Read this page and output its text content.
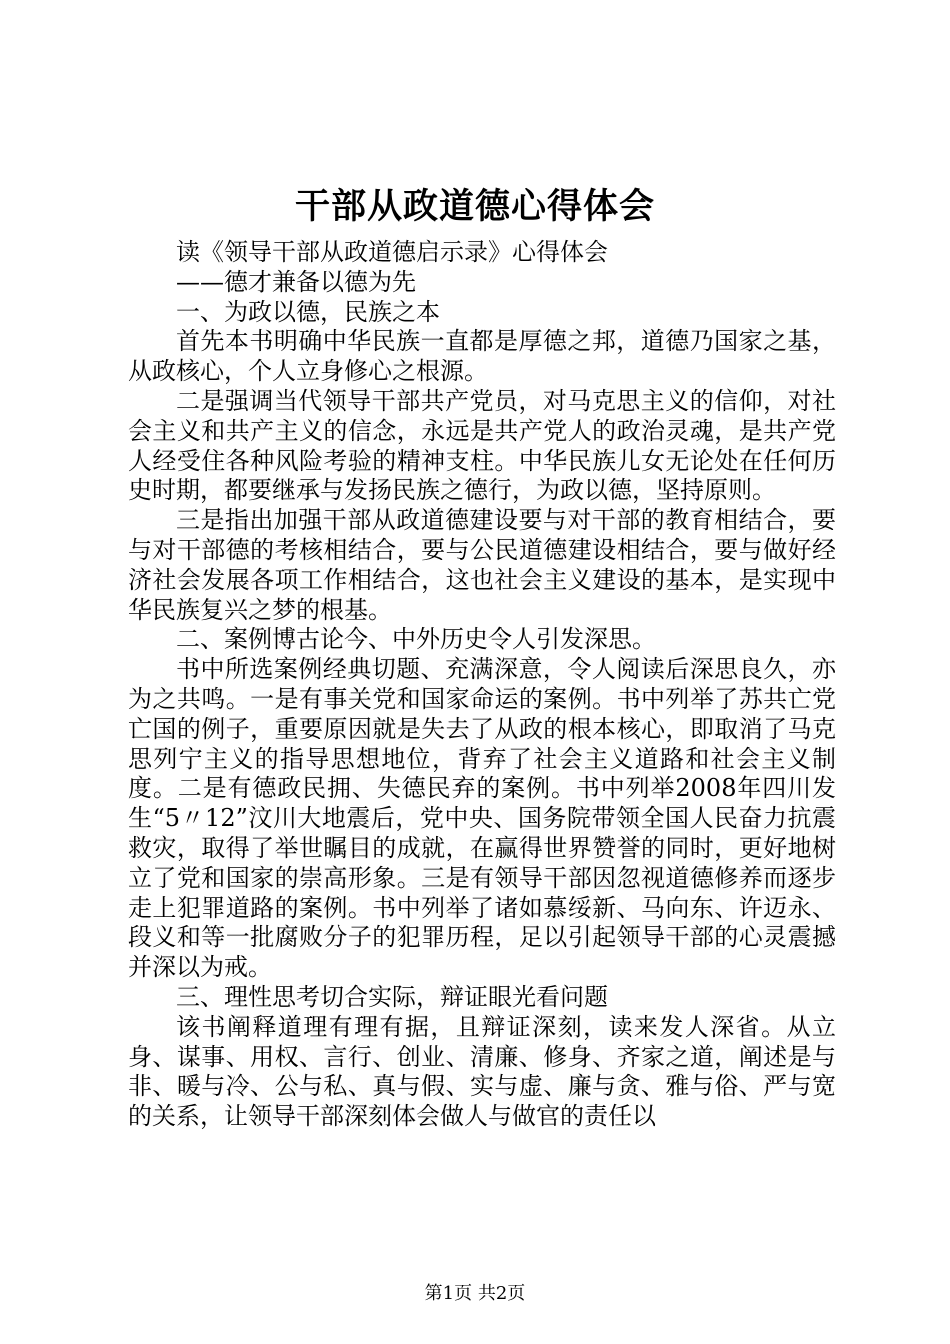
干部从政道德心得体会

读《领导干部从政道德启示录》心得体会

——德才兼备以德为先

一、为政以德，民族之本

首先本书明确中华民族一直都是厚德之邦，道德乃国家之基，从政核心，个人立身修心之根源。

二是强调当代领导干部共产党员，对马克思主义的信仰，对社会主义和共产主义的信念，永远是共产党人的政治灵魂，是共产党人经受住各种风险考验的精神支柱。中华民族儿女无论处在任何历史时期，都要继承与发扬民族之德行，为政以德，坚持原则。

三是指出加强干部从政道德建设要与对干部的教育相结合，要与对干部德的考核相结合，要与公民道德建设相结合，要与做好经济社会发展各项工作相结合，这也社会主义建设的基本，是实现中华民族复兴之梦的根基。

二、案例博古论今、中外历史令人引发深思。

书中所选案例经典切题、充满深意，令人阅读后深思良久，亦为之共鸣。一是有事关党和国家命运的案例。书中列举了苏共亡党亡国的例子，重要原因就是失去了从政的根本核心，即取消了马克思列宁主义的指导思想地位，背弃了社会主义道路和社会主义制度。二是有德政民拥、失德民弃的案例。书中列举2008年四川发生“5〃12”汶川大地震后，党中央、国务院带领全国人民奋力抗震救灾，取得了举世瞩目的成就，在赢得世界赞誉的同时，更好地树立了党和国家的崇高形象。三是有领导干部因忽视道德修养而逐步走上犯罪道路的案例。书中列举了诸如慕绥新、马向东、许迈永、段义和等一批腐败分子的犯罪历程，足以引起领导干部的心灵震撼并深以为戒。

三、理性思考切合实际，辩证眼光看问题

该书阐释道理有理有据，且辩证深刻，读来发人深省。从立身、谋事、用权、言行、创业、清廉、修身、齐家之道，阐述是与非、暖与冷、公与私、真与假、实与虚、廉与贪、雅与俗、严与宽的关系，让领导干部深刻体会做人与做官的责任以

第1页 共2页
